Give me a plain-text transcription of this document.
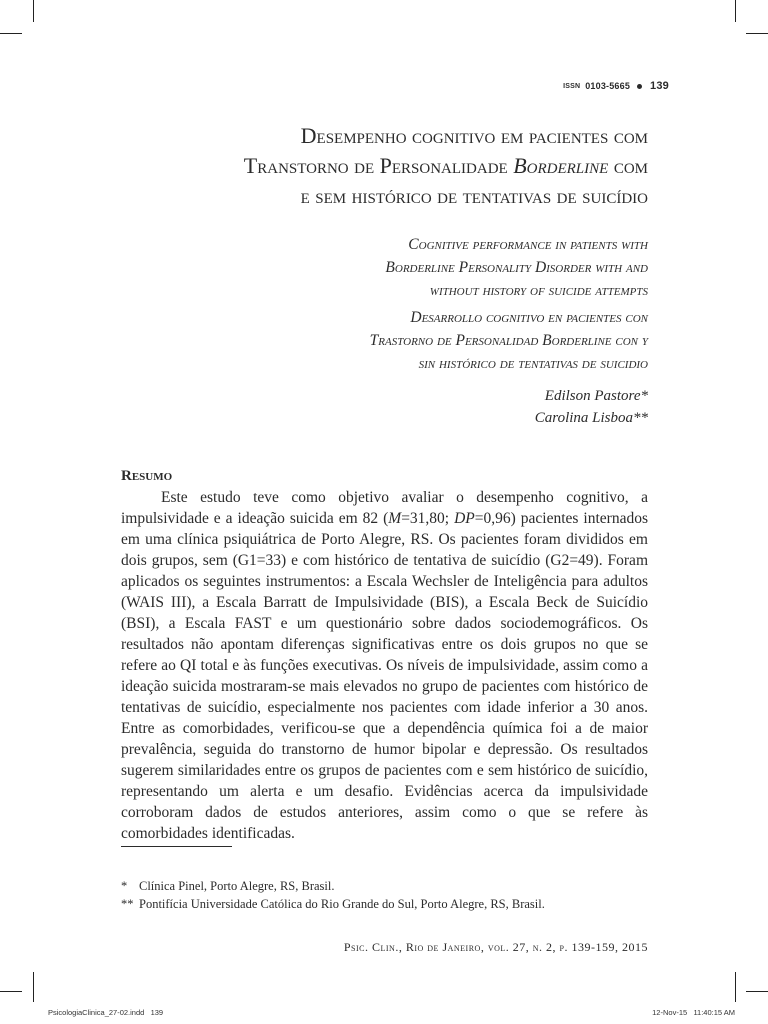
ISSN 0103-5665 139
Desempenho cognitivo em pacientes com
Transtorno de Personalidade Borderline com
e sem histórico de tentativas de suicídio

Cognitive performance in patients with
Borderline Personality Disorder with and
without history of suicide attempts

Desarrollo cognitivo en pacientes con
Trastorno de Personalidad Borderline con y
sin histórico de tentativas de suicidio

Edilson Pastore*
Carolina Lisboa**
Resumo

Este estudo teve como objetivo avaliar o desempenho cognitivo, a impulsividade e a ideação suicida em 82 (M=31,80; DP=0,96) pacientes internados em uma clínica psiquiátrica de Porto Alegre, RS. Os pacientes foram divididos em dois grupos, sem (G1=33) e com histórico de tentativa de suicídio (G2=49). Foram aplicados os seguintes instrumentos: a Escala Wechsler de Inteligência para adultos (WAIS III), a Escala Barratt de Impulsividade (BIS), a Escala Beck de Suicídio (BSI), a Escala FAST e um questionário sobre dados sociodemográficos. Os resultados não apontam diferenças significativas entre os dois grupos no que se refere ao QI total e às funções executivas. Os níveis de impulsividade, assim como a ideação suicida mostraram-se mais elevados no grupo de pacientes com histórico de tentativas de suicídio, especialmente nos pacientes com idade inferior a 30 anos. Entre as comorbidades, verificou-se que a dependência química foi a de maior prevalência, seguida do transtorno de humor bipolar e depressão. Os resultados sugerem similaridades entre os grupos de pacientes com e sem histórico de suicídio, representando um alerta e um desafio. Evidências acerca da impulsividade corroboram dados de estudos anteriores, assim como o que se refere às comorbidades identificadas.

* Clínica Pinel, Porto Alegre, RS, Brasil.
** Pontifícia Universidade Católica do Rio Grande do Sul, Porto Alegre, RS, Brasil.
Psic. Clin., Rio de Janeiro, vol. 27, n. 2, p. 139-159, 2015
PsicologiaClinica_27-02.indd 139	12-Nov-15 11:40:15 AM
